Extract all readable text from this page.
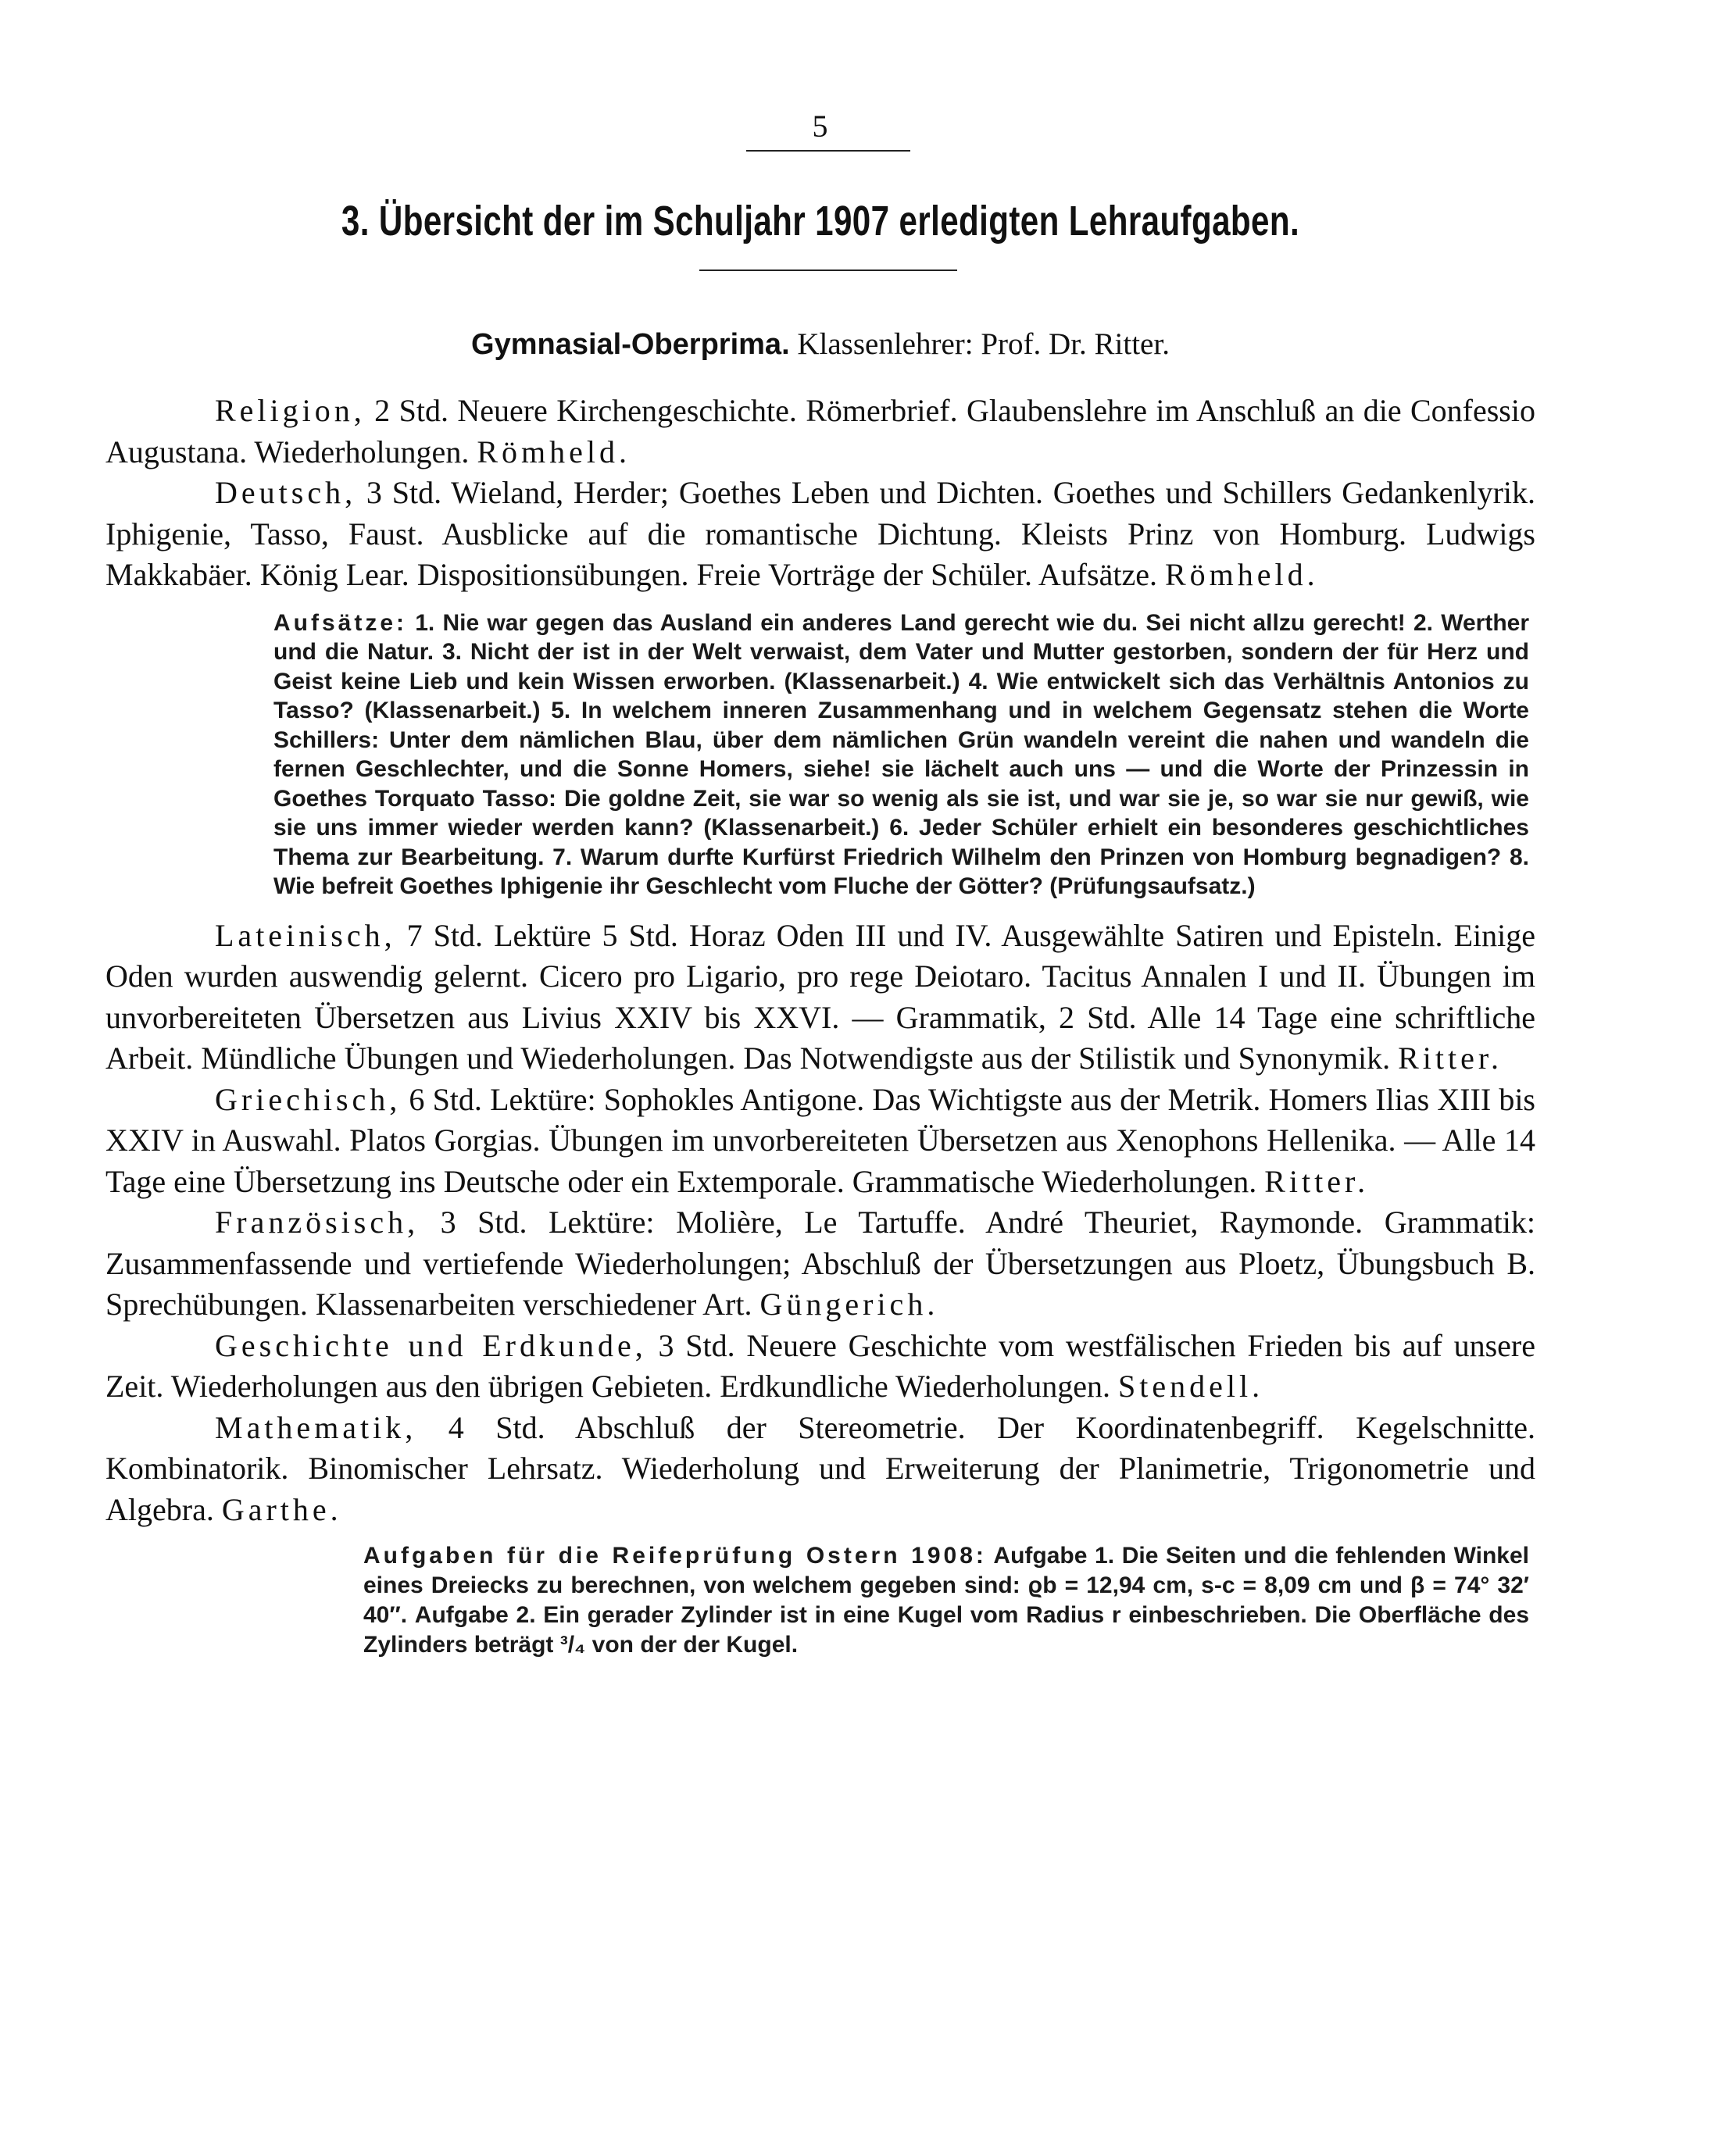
5
3. Übersicht der im Schuljahr 1907 erledigten Lehraufgaben.
Gymnasial-Oberprima. Klassenlehrer: Prof. Dr. Ritter.

Religion, 2 Std. Neuere Kirchengeschichte. Römerbrief. Glaubenslehre im Anschluß an die Confessio Augustana. Wiederholungen. Römheld.

Deutsch, 3 Std. Wieland, Herder; Goethes Leben und Dichten. Goethes und Schillers Gedankenlyrik. Iphigenie, Tasso, Faust. Ausblicke auf die romantische Dichtung. Kleists Prinz von Homburg. Ludwigs Makkabäer. König Lear. Dispositionsübungen. Freie Vorträge der Schüler. Aufsätze. Römheld.

Aufsätze: 1. Nie war gegen das Ausland ein anderes Land gerecht wie du. Sei nicht allzu gerecht! 2. Werther und die Natur. 3. Nicht der ist in der Welt verwaist, dem Vater und Mutter gestorben, sondern der für Herz und Geist keine Lieb und kein Wissen erworben. (Klassenarbeit.) 4. Wie entwickelt sich das Verhältnis Antonios zu Tasso? (Klassenarbeit.) 5. In welchem inneren Zusammenhang und in welchem Gegensatz stehen die Worte Schillers: Unter dem nämlichen Blau, über dem nämlichen Grün wandeln vereint die nahen und wandeln die fernen Geschlechter, und die Sonne Homers, siehe! sie lächelt auch uns — und die Worte der Prinzessin in Goethes Torquato Tasso: Die goldne Zeit, sie war so wenig als sie ist, und war sie je, so war sie nur gewiß, wie sie uns immer wieder werden kann? (Klassenarbeit.) 6. Jeder Schüler erhielt ein besonderes geschichtliches Thema zur Bearbeitung. 7. Warum durfte Kurfürst Friedrich Wilhelm den Prinzen von Homburg begnadigen? 8. Wie befreit Goethes Iphigenie ihr Geschlecht vom Fluche der Götter? (Prüfungsaufsatz.)

Lateinisch, 7 Std. Lektüre 5 Std. Horaz Oden III und IV. Ausgewählte Satiren und Episteln. Einige Oden wurden auswendig gelernt. Cicero pro Ligario, pro rege Deiotaro. Tacitus Annalen I und II. Übungen im unvorbereiteten Übersetzen aus Livius XXIV bis XXVI. — Grammatik, 2 Std. Alle 14 Tage eine schriftliche Arbeit. Mündliche Übungen und Wiederholungen. Das Notwendigste aus der Stilistik und Synonymik. Ritter.

Griechisch, 6 Std. Lektüre: Sophokles Antigone. Das Wichtigste aus der Metrik. Homers Ilias XIII bis XXIV in Auswahl. Platos Gorgias. Übungen im unvorbereiteten Übersetzen aus Xenophons Hellenika. — Alle 14 Tage eine Übersetzung ins Deutsche oder ein Extemporale. Grammatische Wiederholungen. Ritter.

Französisch, 3 Std. Lektüre: Molière, Le Tartuffe. André Theuriet, Raymonde. Grammatik: Zusammenfassende und vertiefende Wiederholungen; Abschluß der Übersetzungen aus Ploetz, Übungsbuch B. Sprechübungen. Klassenarbeiten verschiedener Art. Güngerich.

Geschichte und Erdkunde, 3 Std. Neuere Geschichte vom westfälischen Frieden bis auf unsere Zeit. Wiederholungen aus den übrigen Gebieten. Erdkundliche Wiederholungen. Stendell.

Mathematik, 4 Std. Abschluß der Stereometrie. Der Koordinatenbegriff. Kegelschnitte. Kombinatorik. Binomischer Lehrsatz. Wiederholung und Erweiterung der Planimetrie, Trigonometrie und Algebra. Garthe.

Aufgaben für die Reifeprüfung Ostern 1908: Aufgabe 1. Die Seiten und die fehlenden Winkel eines Dreiecks zu berechnen, von welchem gegeben sind: ϱb = 12,94 cm, s-c = 8,09 cm und β = 74° 32′ 40″. Aufgabe 2. Ein gerader Zylinder ist in eine Kugel vom Radius r einbeschrieben. Die Oberfläche des Zylinders beträgt ³/₄ von der der Kugel.
